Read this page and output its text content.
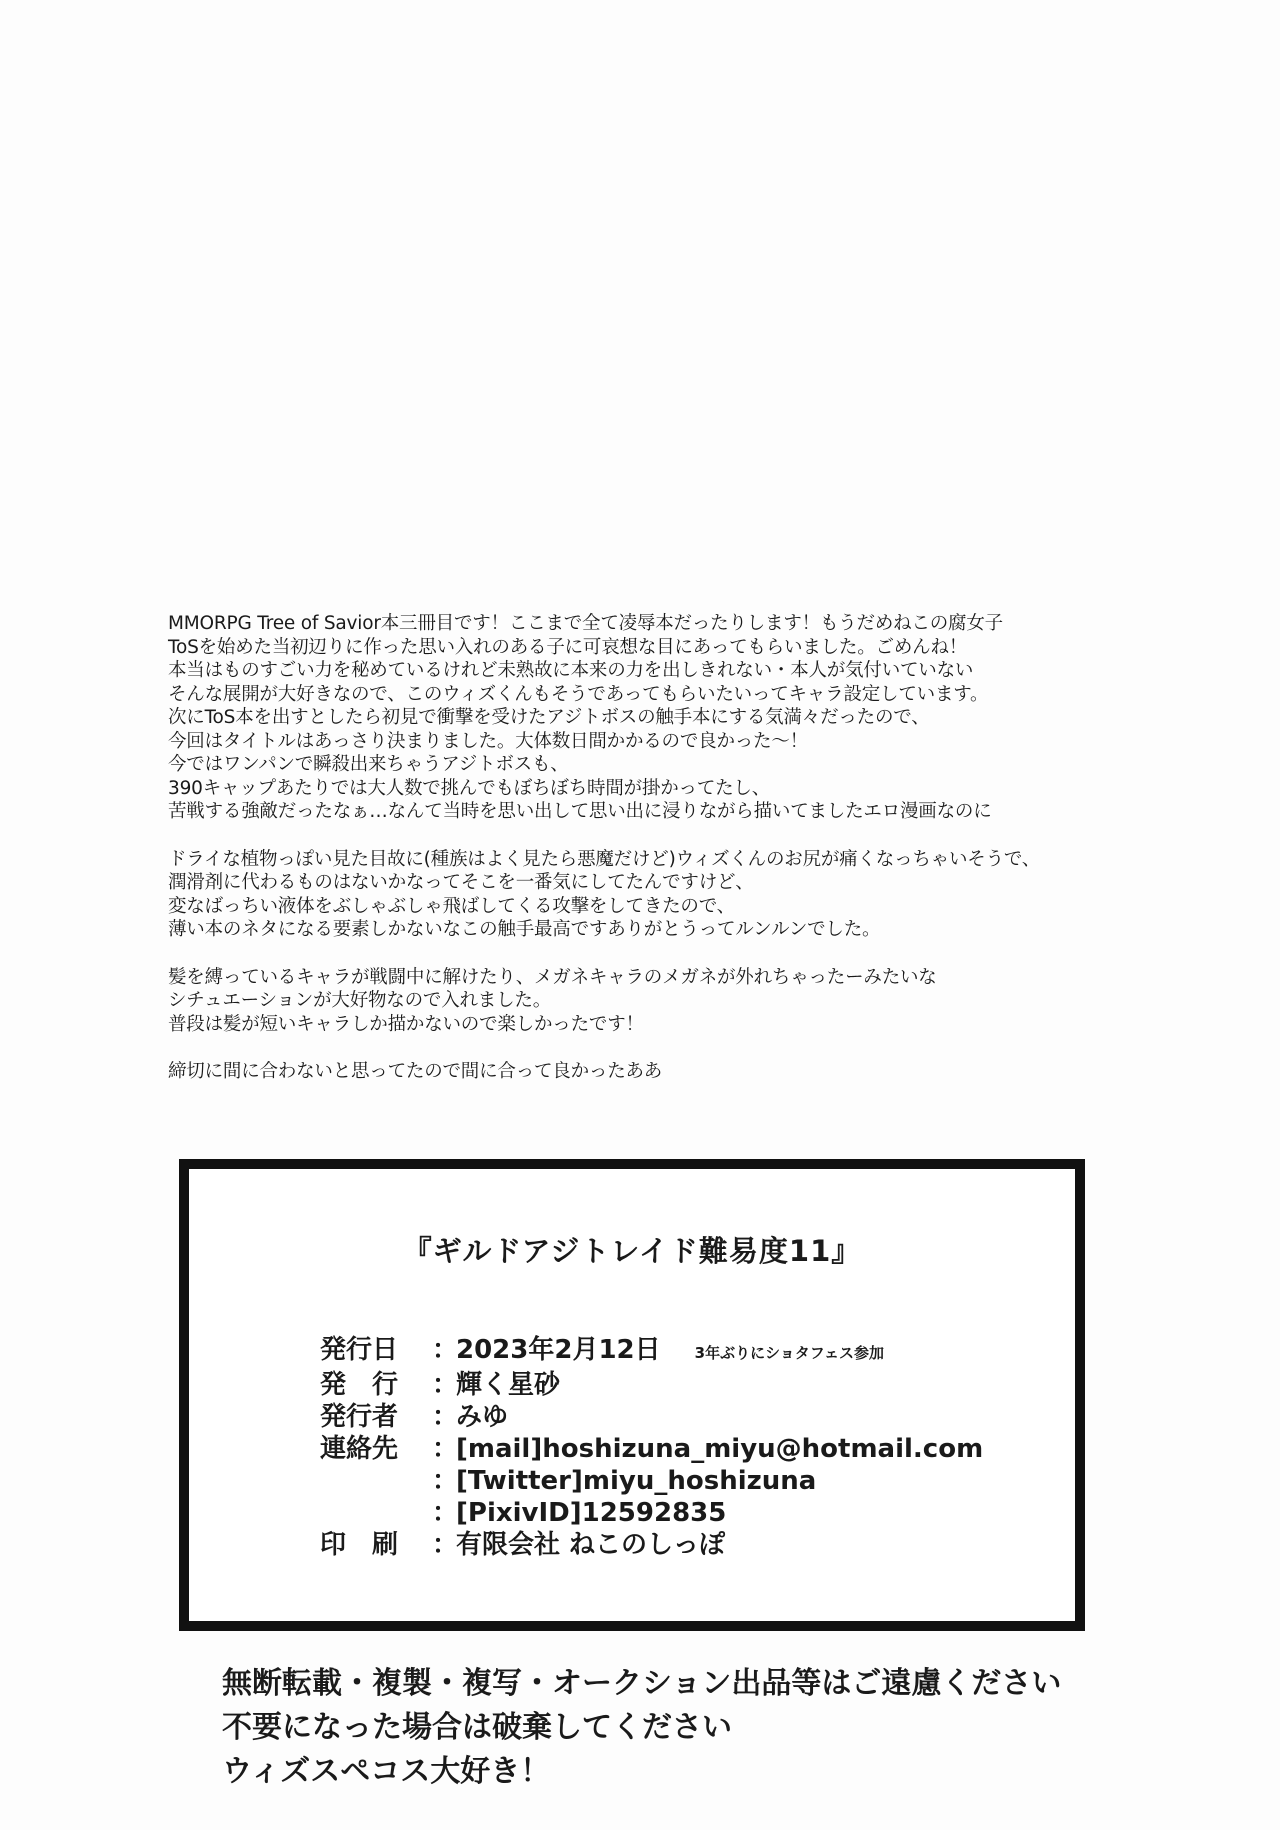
MMORPG Tree of Savior本三冊目です！ここまで全て凌辱本だったりします！もうだめねこの腐女子
ToSを始めた当初辺りに作った思い入れのある子に可哀想な目にあってもらいました。ごめんね！
本当はものすごい力を秘めているけれど未熟故に本来の力を出しきれない・本人が気付いていない
そんな展開が大好きなので、このウィズくんもそうであってもらいたいってキャラ設定しています。
次にToS本を出すとしたら初見で衝撃を受けたアジトボスの触手本にする気満々だったので、
今回はタイトルはあっさり決まりました。大体数日間かかるので良かった〜！
今ではワンパンで瞬殺出来ちゃうアジトボスも、
390キャップあたりでは大人数で挑んでもぼちぼち時間が掛かってたし、
苦戦する強敵だったなぁ…なんて当時を思い出して思い出に浸りながら描いてましたエロ漫画なのに
ドライな植物っぽい見た目故に(種族はよく見たら悪魔だけど)ウィズくんのお尻が痛くなっちゃいそうで、
潤滑剤に代わるものはないかなってそこを一番気にしてたんですけど、
変なばっちい液体をぶしゃぶしゃ飛ばしてくる攻撃をしてきたので、
薄い本のネタになる要素しかないなこの触手最高ですありがとうってルンルンでした。
髪を縛っているキャラが戦闘中に解けたり、メガネキャラのメガネが外れちゃったーみたいな
シチュエーションが大好物なので入れました。
普段は髪が短いキャラしか描かないので楽しかったです！
締切に間に合わないと思ってたので間に合って良かったああ
『ギルドアジトレイド難易度11』
発行日	：
2023年2月12日 3年ぶりにショタフェス参加
発　行	：
輝く星砂
発行者	：
みゆ
連絡先	：
[mail]hoshizuna_miyu@hotmail.com
：
[Twitter]miyu_hoshizuna
：
[PixivID]12592835
印　刷	：
有限会社 ねこのしっぽ
無断転載・複製・複写・オークション出品等はご遠慮ください
不要になった場合は破棄してください
ウィズスペコス大好き！
